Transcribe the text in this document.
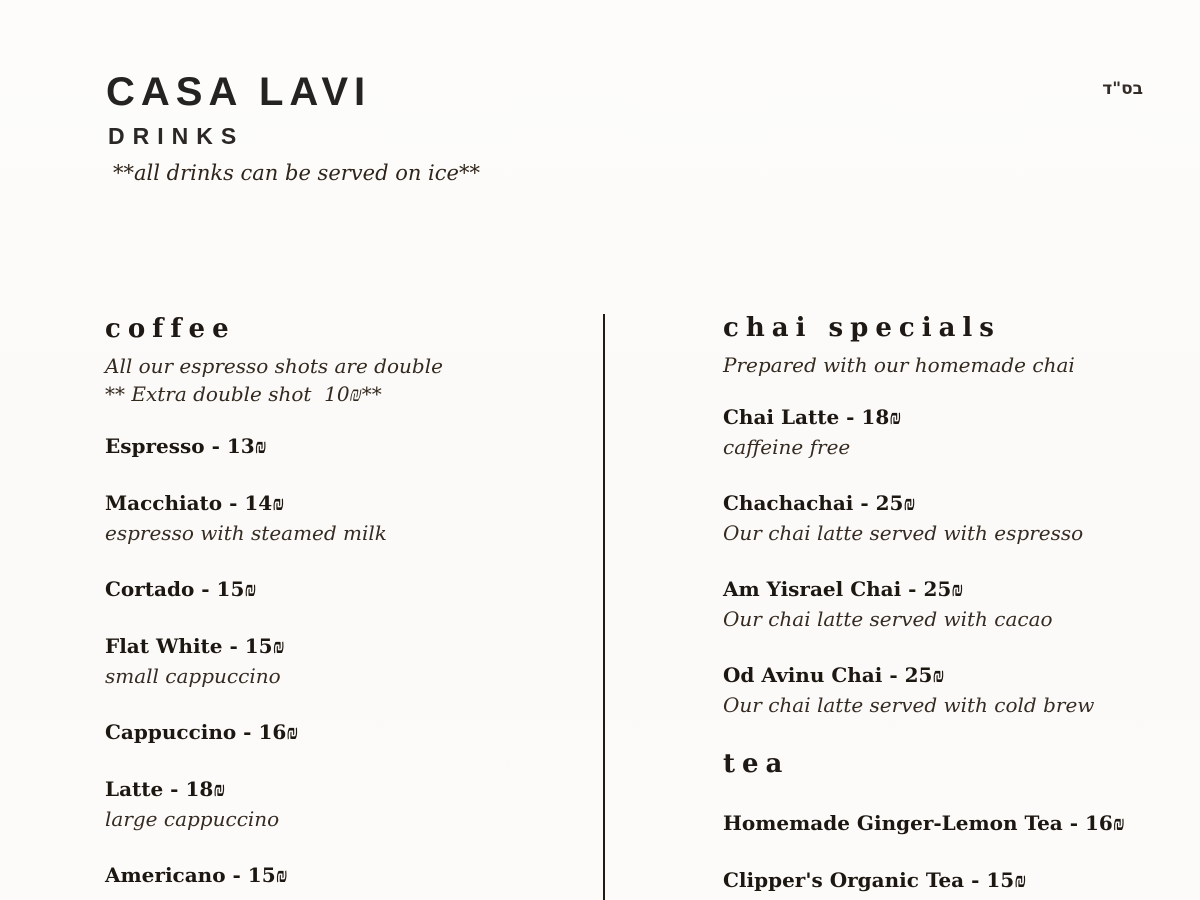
CASA LAVI
DRINKS
**all drinks can be served on ice**
בס"ד
coffee
All our espresso shots are double
** Extra double shot  10₪**
Espresso - 13₪
Macchiato - 14₪
espresso with steamed milk
Cortado - 15₪
Flat White - 15₪
small cappuccino
Cappuccino - 16₪
Latte - 18₪
large cappuccino
Americano - 15₪
chai specials
Prepared with our homemade chai
Chai Latte - 18₪
caffeine free
Chachachai - 25₪
Our chai latte served with espresso
Am Yisrael Chai - 25₪
Our chai latte served with cacao
Od Avinu Chai - 25₪
Our chai latte served with cold brew
tea
Homemade Ginger-Lemon Tea - 16₪
Clipper's Organic Tea - 15₪
